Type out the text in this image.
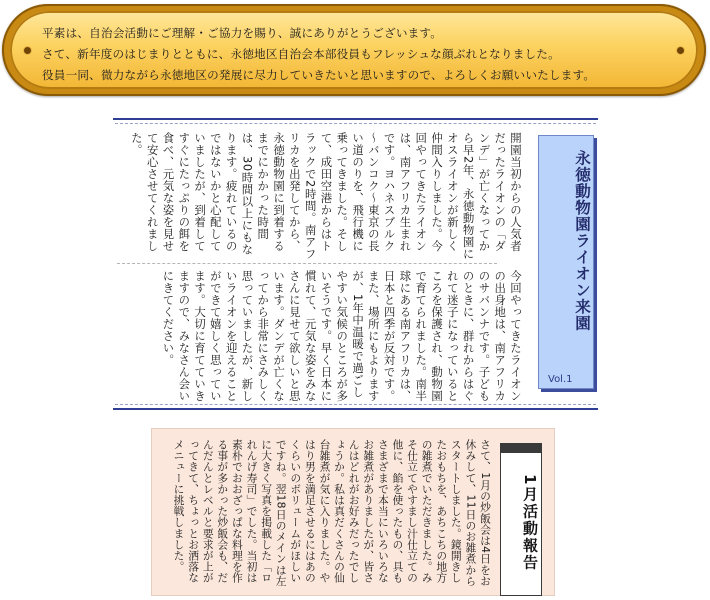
平素は、自治会活動にご理解・ご協力を賜り、誠にありがとうございます。
さて、新年度のはじまりとともに、永徳地区自治会本部役員もフレッシュな顔ぶれとなりました。
役員一同、微力ながら永徳地区の発展に尽力していきたいと思いますので、よろしくお願いいたします。
永徳動物園ライオン来園
Vol.1

開園当初からの人気者だったライオンの「ダンデ」が亡くなってから早2年、永徳動物園にオスライオンが新しく仲間入りしました。今回やってきたライオンは、南アフリカ生まれです。ヨハネスブルク～バンコク～東京の長い道のりを、飛行機に乗ってきました。そして、成田空港からはトラックで2時間。南アフリカを出発してから、永徳動物園に到着するまでにかかった時間は、30時間以上にもなります。疲れているのではないかと心配していましたが、到着してすぐにたっぷりの餌を食べ、元気な姿を見せて安心させてくれました。

今回やってきたライオンの出身地は、南アフリカのサバンナです。子どものときに、群れからはぐれて迷子になっているところを保護され、動物園で育てられました。南半球にある南アフリカは、日本と四季が反対です。また、場所にもよりますが、1年中温暖で過ごしやすい気候のところが多いそうです。早く日本に慣れて、元気な姿をみなさんに見せて欲しいと思います。ダンデが亡くなってから非常にさみしく思っていましたが、新しいライオンを迎えることができて嬉しく思っています。大切に育てていきますので、みなさん会いにきてください。

1月活動報告

さて、1月の炒飯会は4日をお休みして、11日のお雑煮からスタートしました。鏡開きしたおもちを、あちこちの地方の雑煮でいただきました。みそ仕立てやすまし汁仕立ての他に、餡を使ったもの、具もさまざまで本当にいろいろなお雑煮がありましたが、皆さんはどれがお好みだったでしょうか。私は真だくさんの仙台雑煮が気に入りました。やはり男を満足させるにはあのくらいのボリュームがほしいですね。翌18日のメインは左に大きく写真を掲載した「ロれんげ寿司」でした。当初は素朴でおおざっぱな料理を作る事が多かった炒飯会も、だんだんとレベルと要求が上がってきて、ちょっとお洒落なメニューに挑戦しました。
